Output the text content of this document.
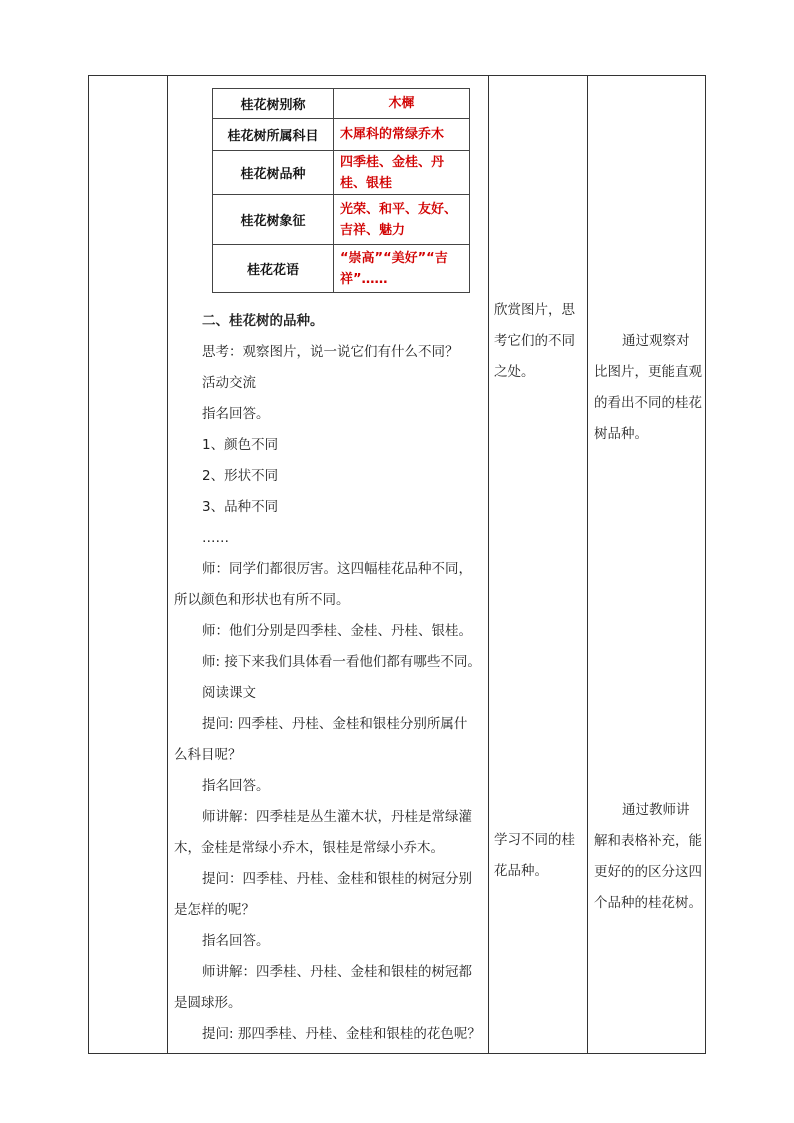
桂花树别称	木樨
桂花树所属科目	木犀科的常绿乔木
桂花树品种	四季桂、金桂、丹桂、银桂
桂花树象征	光荣、和平、友好、吉祥、魅力
桂花花语	“崇高”“美好”“吉祥”……

二、桂花树的品种。

思考：观察图片，说一说它们有什么不同？

活动交流

指名回答。

1、颜色不同

2、形状不同

3、品种不同

……

师：同学们都很厉害。这四幅桂花品种不同，

所以颜色和形状也有所不同。

师：他们分别是四季桂、金桂、丹桂、银桂。

师: 接下来我们具体看一看他们都有哪些不同。

阅读课文

提问: 四季桂、丹桂、金桂和银桂分别所属什

么科目呢？

指名回答。

师讲解：四季桂是丛生灌木状，丹桂是常绿灌

木，金桂是常绿小乔木，银桂是常绿小乔木。

提问：四季桂、丹桂、金桂和银桂的树冠分别

是怎样的呢？

指名回答。

师讲解：四季桂、丹桂、金桂和银桂的树冠都

是圆球形。

提问: 那四季桂、丹桂、金桂和银桂的花色呢？

欣赏图片，思考它们的不同之处。

学习不同的桂花品种。

通过观察对比图片，更能直观的看出不同的桂花树品种。

通过教师讲解和表格补充，能更好的的区分这四个品种的桂花树。
